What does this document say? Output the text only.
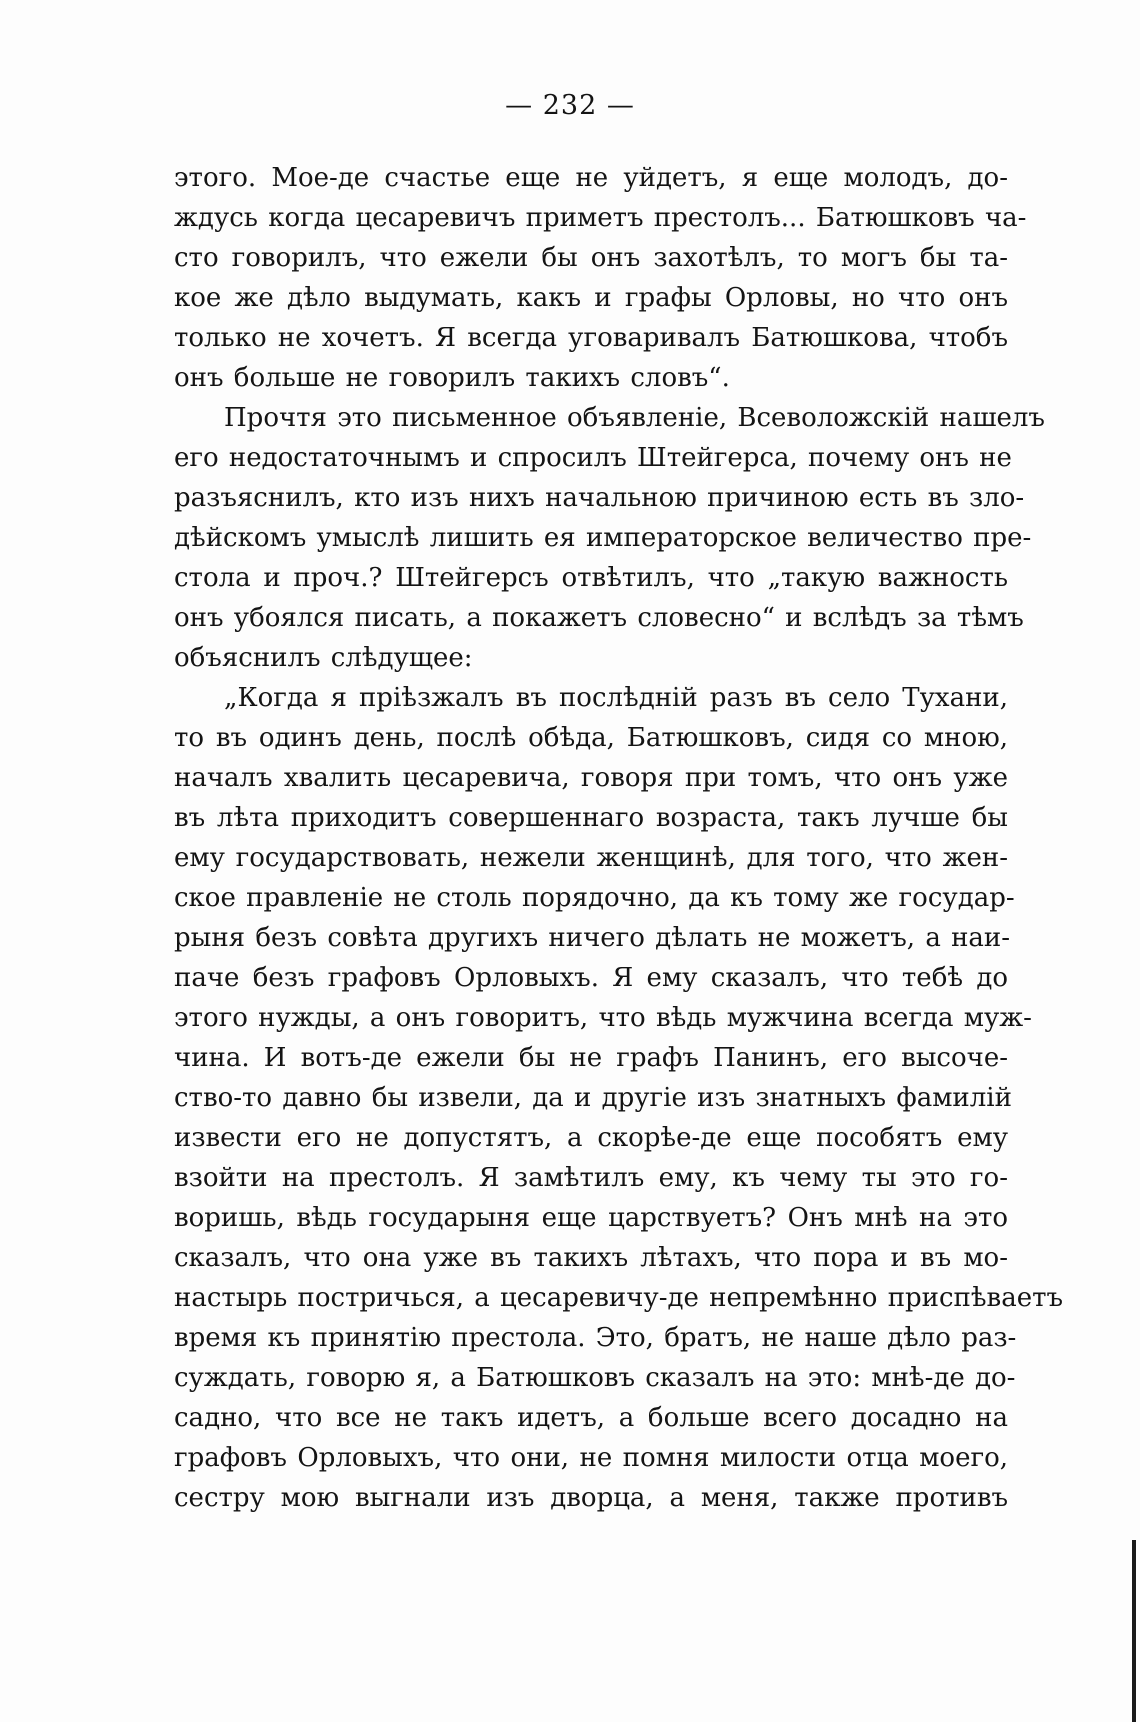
— 232 —
этого. Мое-де счастье еще не уйдетъ, я еще молодъ, до-
ждусь когда цесаревичъ приметъ престолъ... Батюшковъ ча-
сто говорилъ, что ежели бы онъ захотѣлъ, то могъ бы та-
кое же дѣло выдумать, какъ и графы Орловы, но что онъ
только не хочетъ. Я всегда уговаривалъ Батюшкова, чтобъ
онъ больше не говорилъ такихъ словъ“.
Прочтя это письменное объявленіе, Всеволожскій нашелъ
его недостаточнымъ и спросилъ Штейгерса, почему онъ не
разъяснилъ, кто изъ нихъ начальною причиною есть въ зло-
дѣйскомъ умыслѣ лишить ея императорское величество пре-
стола и проч.? Штейгерсъ отвѣтилъ, что „такую важность
онъ убоялся писать, а покажетъ словесно“ и вслѣдъ за тѣмъ
объяснилъ слѣдущее:
„Когда я пріѣзжалъ въ послѣдній разъ въ село Тухани,
то въ одинъ день, послѣ обѣда, Батюшковъ, сидя со мною,
началъ хвалить цесаревича, говоря при томъ, что онъ уже
въ лѣта приходитъ совершеннаго возраста, такъ лучше бы
ему государствовать, нежели женщинѣ, для того, что жен-
ское правленіе не столь порядочно, да къ тому же государ-
рыня безъ совѣта другихъ ничего дѣлать не можетъ, а наи-
паче безъ графовъ Орловыхъ. Я ему сказалъ, что тебѣ до
этого нужды, а онъ говоритъ, что вѣдь мужчина всегда муж-
чина. И вотъ-де ежели бы не графъ Панинъ, его высоче-
ство-то давно бы извели, да и другіе изъ знатныхъ фамилій
извести его не допустятъ, а скорѣе-де еще пособятъ ему
взойти на престолъ. Я замѣтилъ ему, къ чему ты это го-
воришь, вѣдь государыня еще царствуетъ? Онъ мнѣ на это
сказалъ, что она уже въ такихъ лѣтахъ, что пора и въ мо-
настырь постричься, а цесаревичу-де непремѣнно приспѣваетъ
время къ принятію престола. Это, братъ, не наше дѣло раз-
суждать, говорю я, а Батюшковъ сказалъ на это: мнѣ-де до-
садно, что все не такъ идетъ, а больше всего досадно на
графовъ Орловыхъ, что они, не помня милости отца моего,
сестру мою выгнали изъ дворца, а меня, также противъ
